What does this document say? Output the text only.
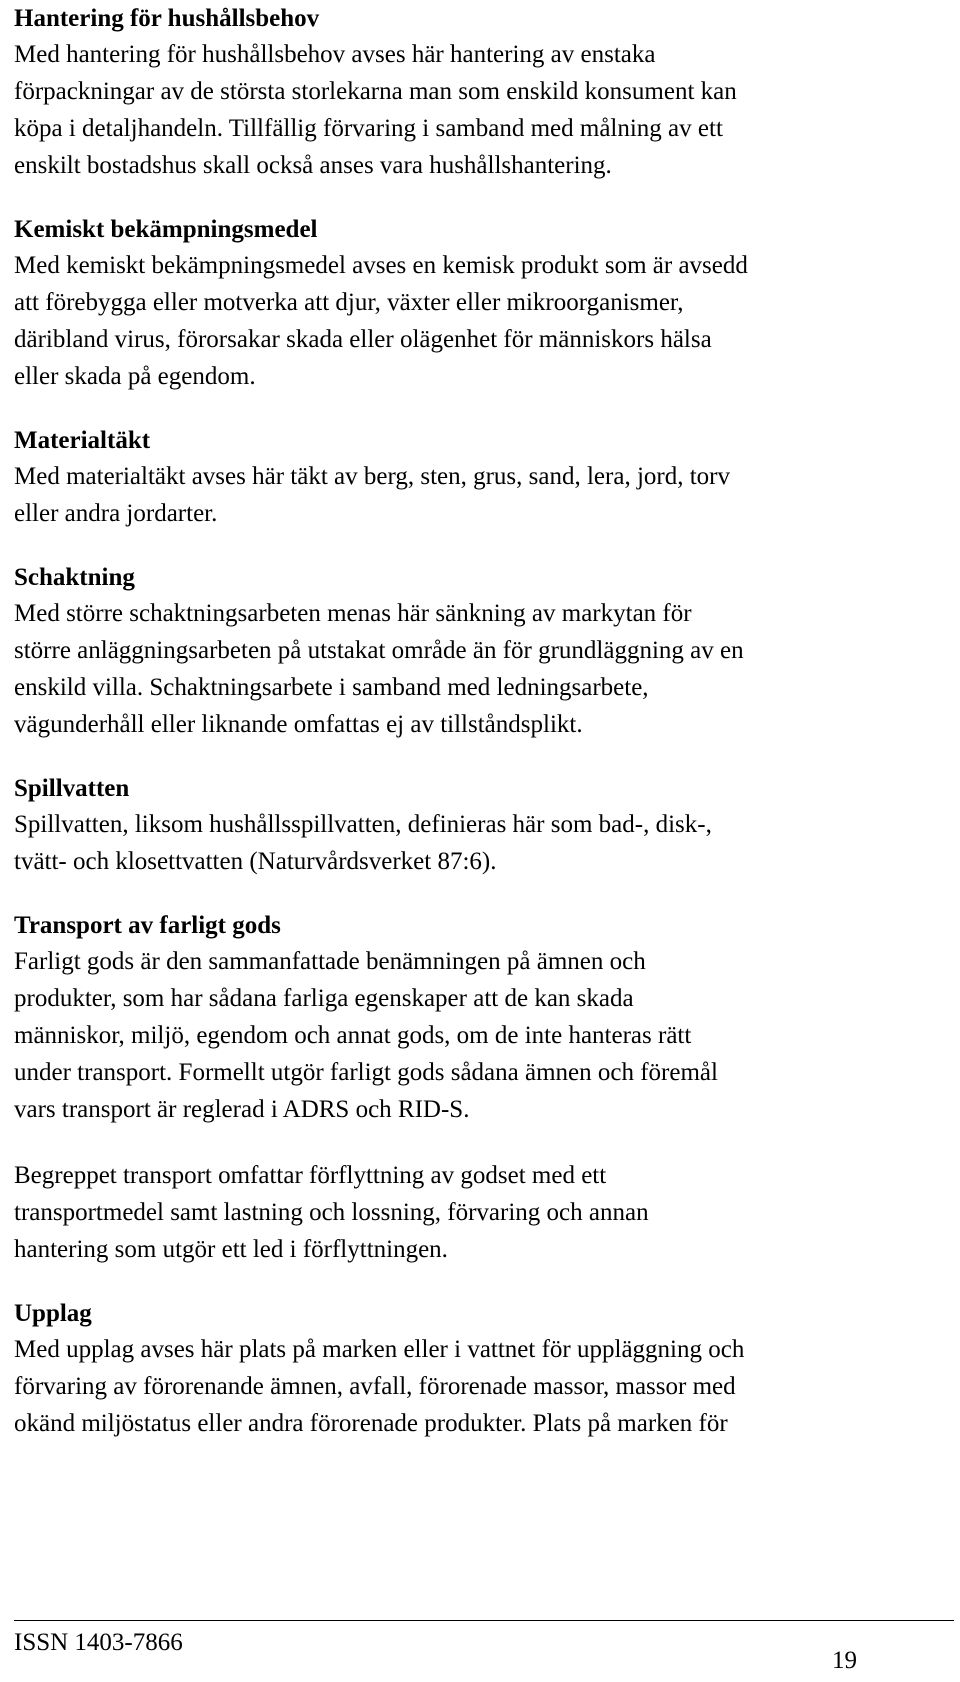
Hantering för hushållsbehov
Med hantering för hushållsbehov avses här hantering av enstaka
förpackningar av de största storlekarna man som enskild konsument kan
köpa i detaljhandeln. Tillfällig förvaring i samband med målning av ett
enskilt bostadshus skall också anses vara hushållshantering.
Kemiskt bekämpningsmedel
Med kemiskt bekämpningsmedel avses en kemisk produkt som är avsedd
att förebygga eller motverka att djur, växter eller mikroorganismer,
däribland virus, förorsakar skada eller olägenhet för människors hälsa
eller skada på egendom.
Materialtäkt
Med materialtäkt avses här täkt av berg, sten, grus, sand, lera, jord, torv
eller andra jordarter.
Schaktning
Med större schaktningsarbeten menas här sänkning av markytan för
större anläggningsarbeten på utstakat område än för grundläggning av en
enskild villa. Schaktningsarbete i samband med ledningsarbete,
vägunderhåll eller liknande omfattas ej av tillståndsplikt.
Spillvatten
Spillvatten, liksom hushållsspillvatten, definieras här som bad-, disk-,
tvätt- och klosettvatten (Naturvårdsverket 87:6).
Transport av farligt gods
Farligt gods är den sammanfattade benämningen på ämnen och
produkter, som har sådana farliga egenskaper att de kan skada
människor, miljö, egendom och annat gods, om de inte hanteras rätt
under transport. Formellt utgör farligt gods sådana ämnen och föremål
vars transport är reglerad i ADRS och RID-S.
Begreppet transport omfattar förflyttning av godset med ett
transportmedel samt lastning och lossning, förvaring och annan
hantering som utgör ett led i förflyttningen.
Upplag
Med upplag avses här plats på marken eller i vattnet för uppläggning och
förvaring av förorenande ämnen, avfall, förorenade massor, massor med
okänd miljöstatus eller andra förorenade produkter. Plats på marken för
ISSN 1403-7866
19
